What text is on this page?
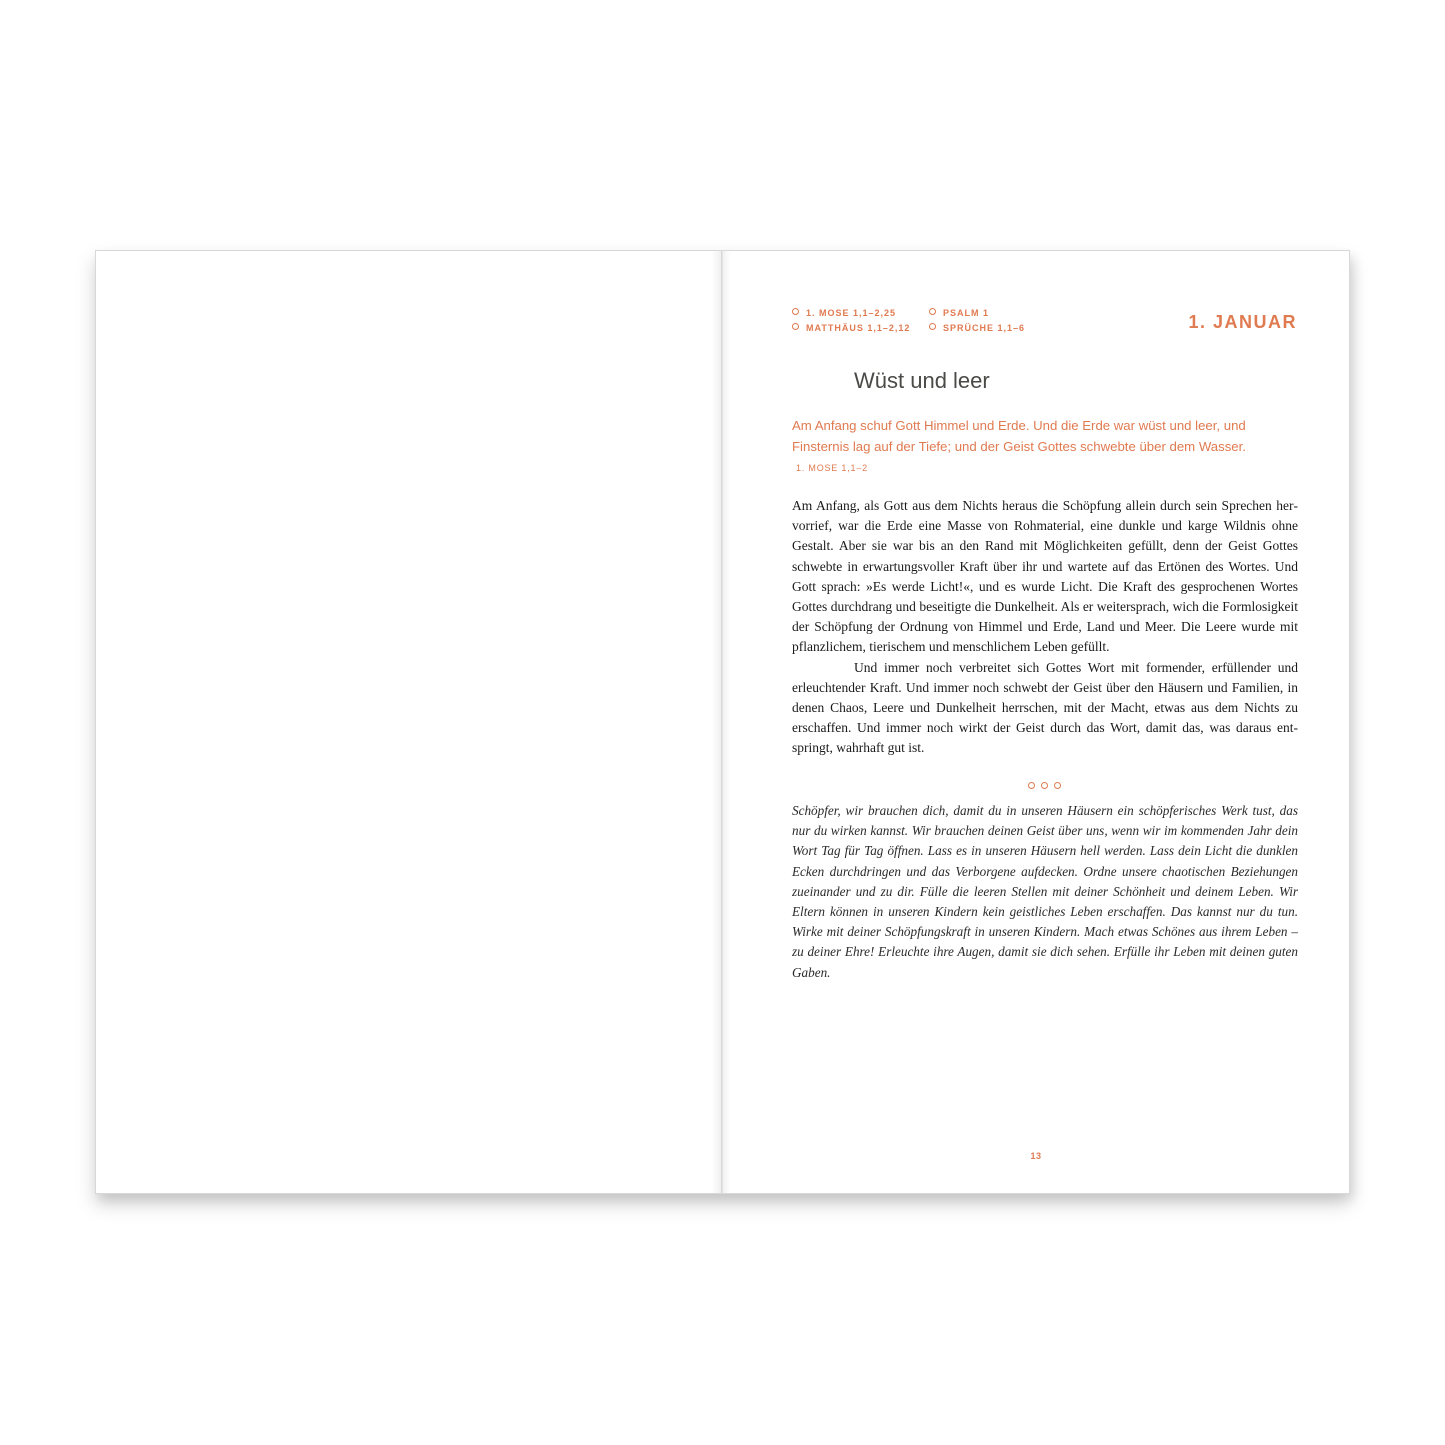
1. MOSE 1,1–2,25	PSALM 1
MATTHÄUS 1,1–2,12	SPRÜCHE 1,1–6	1. JANUAR
Wüst und leer
Am Anfang schuf Gott Himmel und Erde. Und die Erde war wüst und leer, und Finsternis lag auf der Tiefe; und der Geist Gottes schwebte über dem Wasser. 1. MOSE 1,1–2

Am Anfang, als Gott aus dem Nichts heraus die Schöpfung allein durch sein Sprechen hervorrief, war die Erde eine Masse von Rohmaterial, eine dunkle und karge Wildnis ohne Gestalt. Aber sie war bis an den Rand mit Möglichkeiten gefüllt, denn der Geist Gottes schwebte in erwartungsvoller Kraft über ihr und wartete auf das Ertönen des Wortes. Und Gott sprach: »Es werde Licht!«, und es wurde Licht. Die Kraft des gesprochenen Wortes Gottes durchdrang und beseitigte die Dunkelheit. Als er weitersprach, wich die Formlosigkeit der Schöpfung der Ordnung von Himmel und Erde, Land und Meer. Die Leere wurde mit pflanzlichem, tierischem und menschlichem Leben gefüllt.

Und immer noch verbreitet sich Gottes Wort mit formender, erfüllender und erleuchtender Kraft. Und immer noch schwebt der Geist über den Häusern und Familien, in denen Chaos, Leere und Dunkelheit herrschen, mit der Macht, etwas aus dem Nichts zu erschaffen. Und immer noch wirkt der Geist durch das Wort, damit das, was daraus entspringt, wahrhaft gut ist.

Schöpfer, wir brauchen dich, damit du in unseren Häusern ein schöpferisches Werk tust, das nur du wirken kannst. Wir brauchen deinen Geist über uns, wenn wir im kommenden Jahr dein Wort Tag für Tag öffnen. Lass es in unseren Häusern hell werden. Lass dein Licht die dunklen Ecken durchdringen und das Verborgene aufdecken. Ordne unsere chaotischen Beziehungen zueinander und zu dir. Fülle die leeren Stellen mit deiner Schönheit und deinem Leben. Wir Eltern können in unseren Kindern kein geistliches Leben erschaffen. Das kannst nur du tun. Wirke mit deiner Schöpfungskraft in unseren Kindern. Mach etwas Schönes aus ihrem Leben – zu deiner Ehre! Erleuchte ihre Augen, damit sie dich sehen. Erfülle ihr Leben mit deinen guten Gaben.
13
